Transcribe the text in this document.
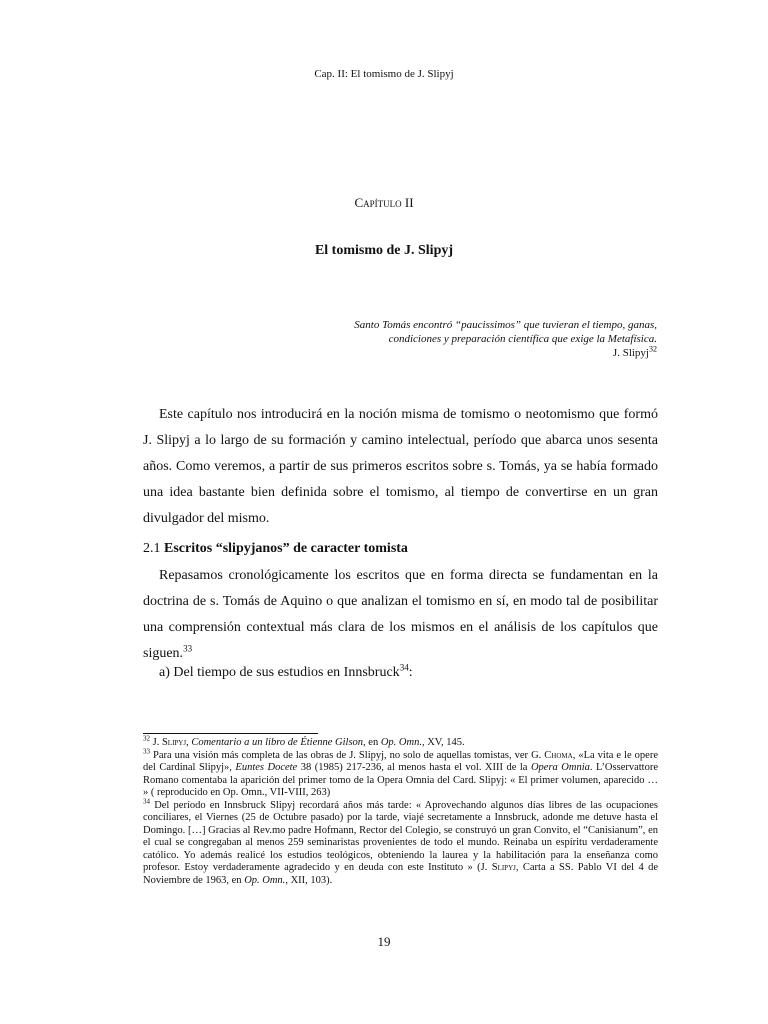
Cap. II: El tomismo de J. Slipyj
Capítulo II
El tomismo de J. Slipyj
Santo Tomás encontró “paucissimos” que tuvieran el tiempo, ganas,
condiciones y preparación científica que exige la Metafísica.
J. Slipyj$^{32}$
Este capítulo nos introducirá en la noción misma de tomismo o neotomismo que formó J. Slipyj a lo largo de su formación y camino intelectual, período que abarca unos sesenta años. Como veremos, a partir de sus primeros escritos sobre s. Tomás, ya se había formado una idea bastante bien definida sobre el tomismo, al tiempo de convertirse en un gran divulgador del mismo.
2.1 Escritos “slipyjanos” de caracter tomista
Repasamos cronológicamente los escritos que en forma directa se fundamentan en la doctrina de s. Tomás de Aquino o que analizan el tomismo en sí, en modo tal de posibilitar una comprensión contextual más clara de los mismos en el análisis de los capítulos que siguen.$^{33}$
a) Del tiempo de sus estudios en Innsbruck$^{34}$:

$^{32}$ J. Slipyj, Comentario a un libro de Étienne Gilson, en Op. Omn., XV, 145.

$^{33}$ Para una visión más completa de las obras de J. Slipyj, no solo de aquellas tomistas, ver G. Choma, «La vita e le opere del Cardinal Slipyj», Euntes Docete 38 (1985) 217-236, al menos hasta el vol. XIII de la Opera Omnia. L’Osservattore Romano comentaba la aparición del primer tomo de la Opera Omnia del Card. Slipyj: « El primer volumen, aparecido … » ( reproducido en Op. Omn., VII-VIII, 263)

$^{34}$ Del período en Innsbruck Slipyj recordará años más tarde: « Aprovechando algunos días libres de las ocupaciones conciliares, el Viernes (25 de Octubre pasado) por la tarde, viajé secretamente a Innsbruck, adonde me detuve hasta el Domingo. […] Gracias al Rev.mo padre Hofmann, Rector del Colegio, se construyó un gran Convito, el “Canisianum”, en el cual se congregaban al menos 259 seminaristas provenientes de todo el mundo. Reinaba un espíritu verdaderamente católico. Yo además realicé los estudios teológicos, obteniendo la laurea y la habilitación para la enseñanza como profesor. Estoy verdaderamente agradecido y en deuda con este Instituto » (J. Slipyj, Carta a SS. Pablo VI del 4 de Noviembre de 1963, en Op. Omn., XII, 103).

19
